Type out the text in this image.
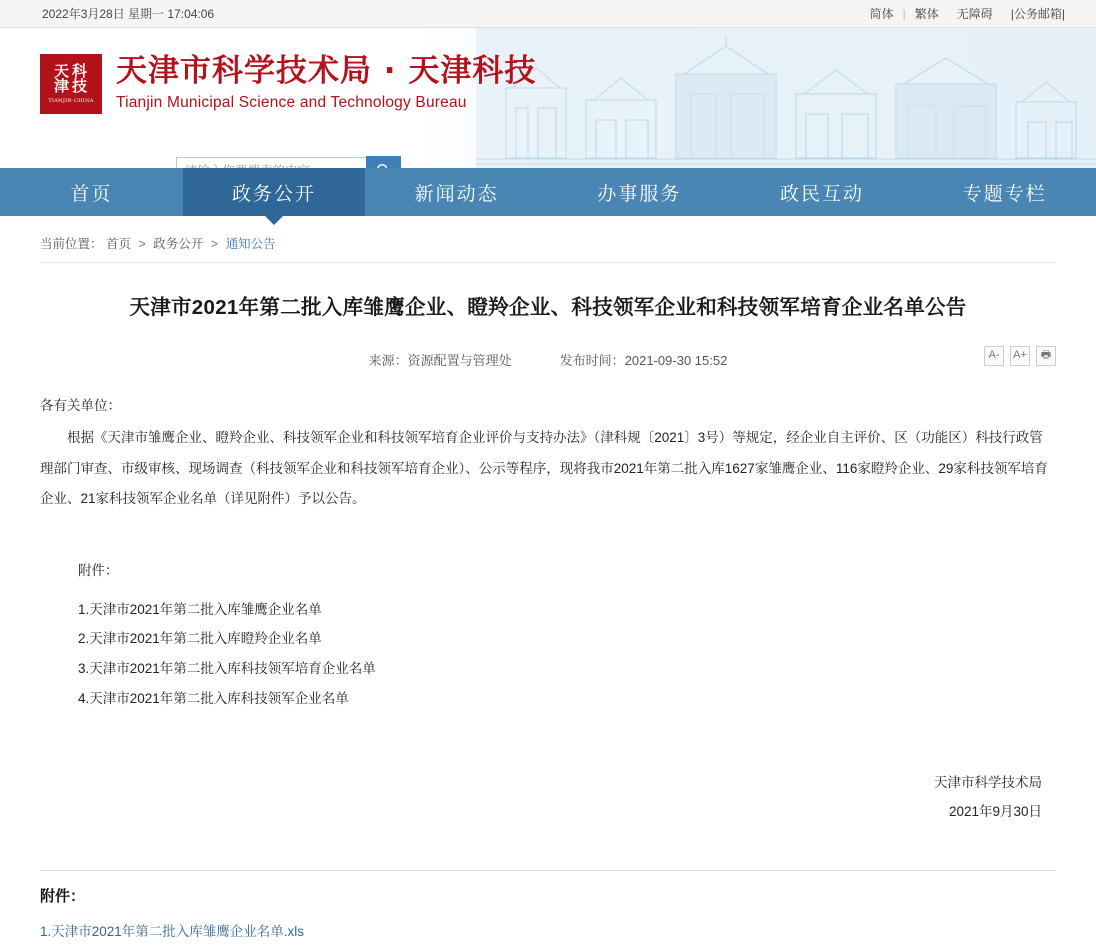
2022年3月28日 星期一 17:04:06	简体 | 繁体	无障碍	|公务邮箱|
天 科
津 技
TIANJIN·CHINA
天津市科学技术局 · 天津科技
Tianjin Municipal Science and Technology Bureau
请输入您要搜索的内容
首页	政务公开	新闻动态	办事服务	政民互动	专题专栏
当前位置： 首页 > 政务公开 > 通知公告
天津市2021年第二批入库雏鹰企业、瞪羚企业、科技领军企业和科技领军培育企业名单公告
来源：资源配置与管理处	发布时间：2021-09-30 15:52	A- A+ 🖶

各有关单位：

根据《天津市雏鹰企业、瞪羚企业、科技领军企业和科技领军培育企业评价与支持办法》（津科规〔2021〕3号）等规定，经企业自主评价、区（功能区）科技行政管理部门审查、市级审核、现场调查（科技领军企业和科技领军培育企业）、公示等程序，现将我市2021年第二批入库1627家雏鹰企业、116家瞪羚企业、29家科技领军培育企业、21家科技领军企业名单（详见附件）予以公告。

附件：
1.天津市2021年第二批入库雏鹰企业名单
2.天津市2021年第二批入库瞪羚企业名单
3.天津市2021年第二批入库科技领军培育企业名单
4.天津市2021年第二批入库科技领军企业名单
天津市科学技术局
2021年9月30日
附件：
1.天津市2021年第二批入库雏鹰企业名单.xls
